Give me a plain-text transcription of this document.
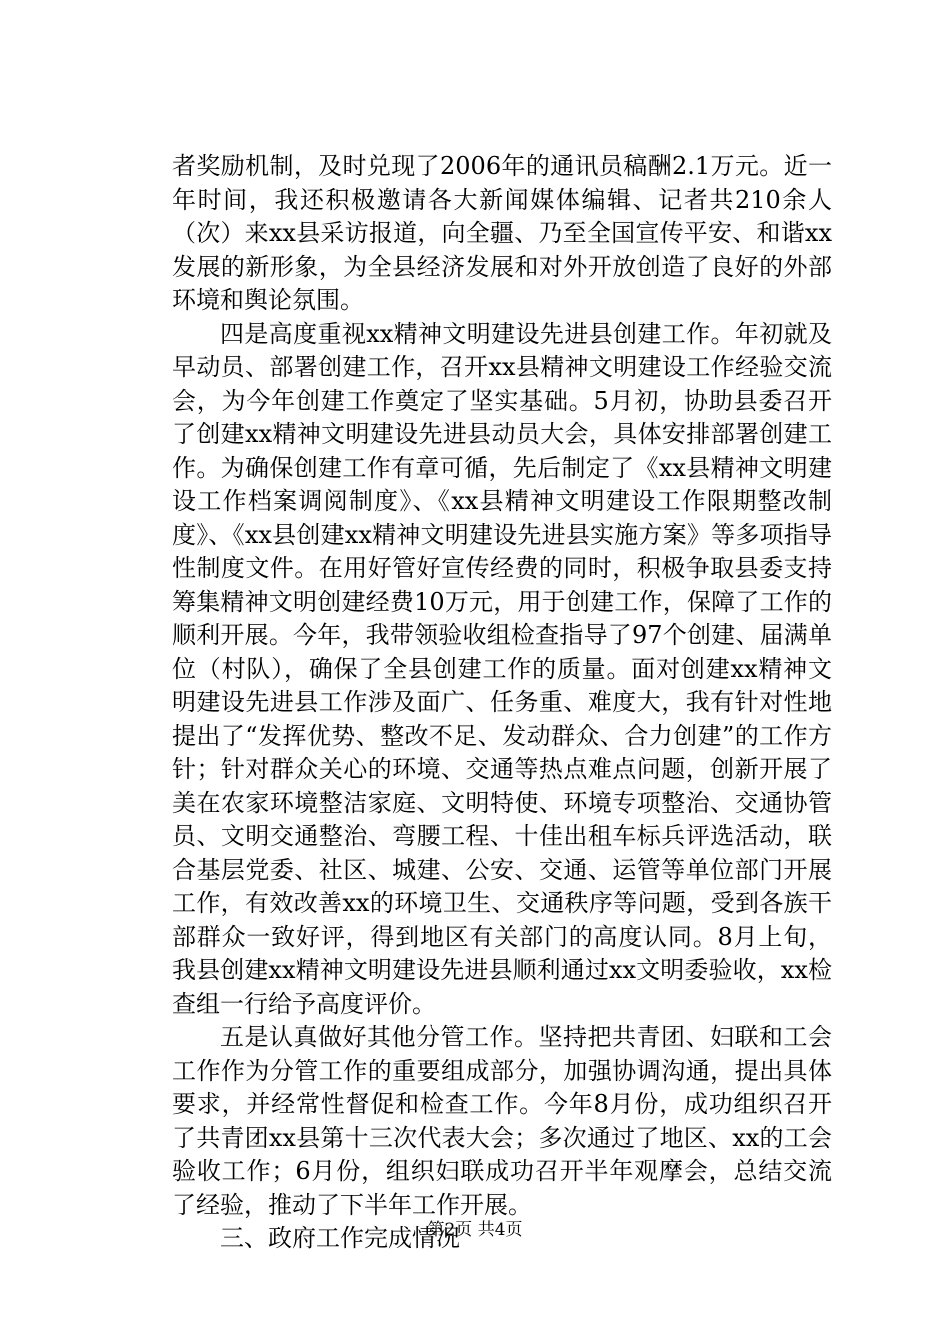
者奖励机制，及时兑现了2006年的通讯员稿酬2.1万元。近一年时间，我还积极邀请各大新闻媒体编辑、记者共210余人（次）来xx县采访报道，向全疆、乃至全国宣传平安、和谐xx发展的新形象，为全县经济发展和对外开放创造了良好的外部环境和舆论氛围。

四是高度重视xx精神文明建设先进县创建工作。年初就及早动员、部署创建工作，召开xx县精神文明建设工作经验交流会，为今年创建工作奠定了坚实基础。5月初，协助县委召开了创建xx精神文明建设先进县动员大会，具体安排部署创建工作。为确保创建工作有章可循，先后制定了《xx县精神文明建设工作档案调阅制度》、《xx县精神文明建设工作限期整改制度》、《xx县创建xx精神文明建设先进县实施方案》等多项指导性制度文件。在用好管好宣传经费的同时，积极争取县委支持筹集精神文明创建经费10万元，用于创建工作，保障了工作的顺利开展。今年，我带领验收组检查指导了97个创建、届满单位（村队），确保了全县创建工作的质量。面对创建xx精神文明建设先进县工作涉及面广、任务重、难度大，我有针对性地提出了“发挥优势、整改不足、发动群众、合力创建”的工作方针；针对群众关心的环境、交通等热点难点问题，创新开展了美在农家环境整洁家庭、文明特使、环境专项整治、交通协管员、文明交通整治、弯腰工程、十佳出租车标兵评选活动，联合基层党委、社区、城建、公安、交通、运管等单位部门开展工作，有效改善xx的环境卫生、交通秩序等问题，受到各族干部群众一致好评，得到地区有关部门的高度认同。8月上旬，我县创建xx精神文明建设先进县顺利通过xx文明委验收，xx检查组一行给予高度评价。

五是认真做好其他分管工作。坚持把共青团、妇联和工会工作作为分管工作的重要组成部分，加强协调沟通，提出具体要求，并经常性督促和检查工作。今年8月份，成功组织召开了共青团xx县第十三次代表大会；多次通过了地区、xx的工会验收工作；6月份，组织妇联成功召开半年观摩会，总结交流了经验，推动了下半年工作开展。

三、政府工作完成情况

第2页 共4页
